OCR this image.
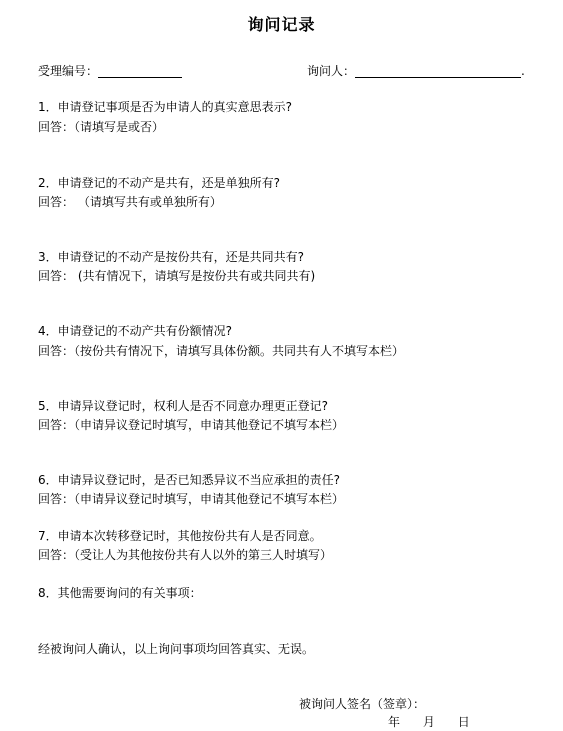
询问记录
受理编号：	询问人：	.
1．申请登记事项是否为申请人的真实意思表示?
回答：（请填写是或否）
2．申请登记的不动产是共有，还是单独所有?
回答： （请填写共有或单独所有）
3．申请登记的不动产是按份共有，还是共同共有?
回答： (共有情况下，请填写是按份共有或共同共有)
4．申请登记的不动产共有份额情况?
回答：（按份共有情况下，请填写具体份额。共同共有人不填写本栏）
5．申请异议登记时，权利人是否不同意办理更正登记?
回答：（申请异议登记时填写，申请其他登记不填写本栏）
6．申请异议登记时，是否已知悉异议不当应承担的责任?
回答：（申请异议登记时填写，申请其他登记不填写本栏）
7．申请本次转移登记时，其他按份共有人是否同意。
回答：（受让人为其他按份共有人以外的第三人时填写）
8．其他需要询问的有关事项：
经被询问人确认，以上询问事项均回答真实、无误。
被询问人签名（签章）：
年      月      日
